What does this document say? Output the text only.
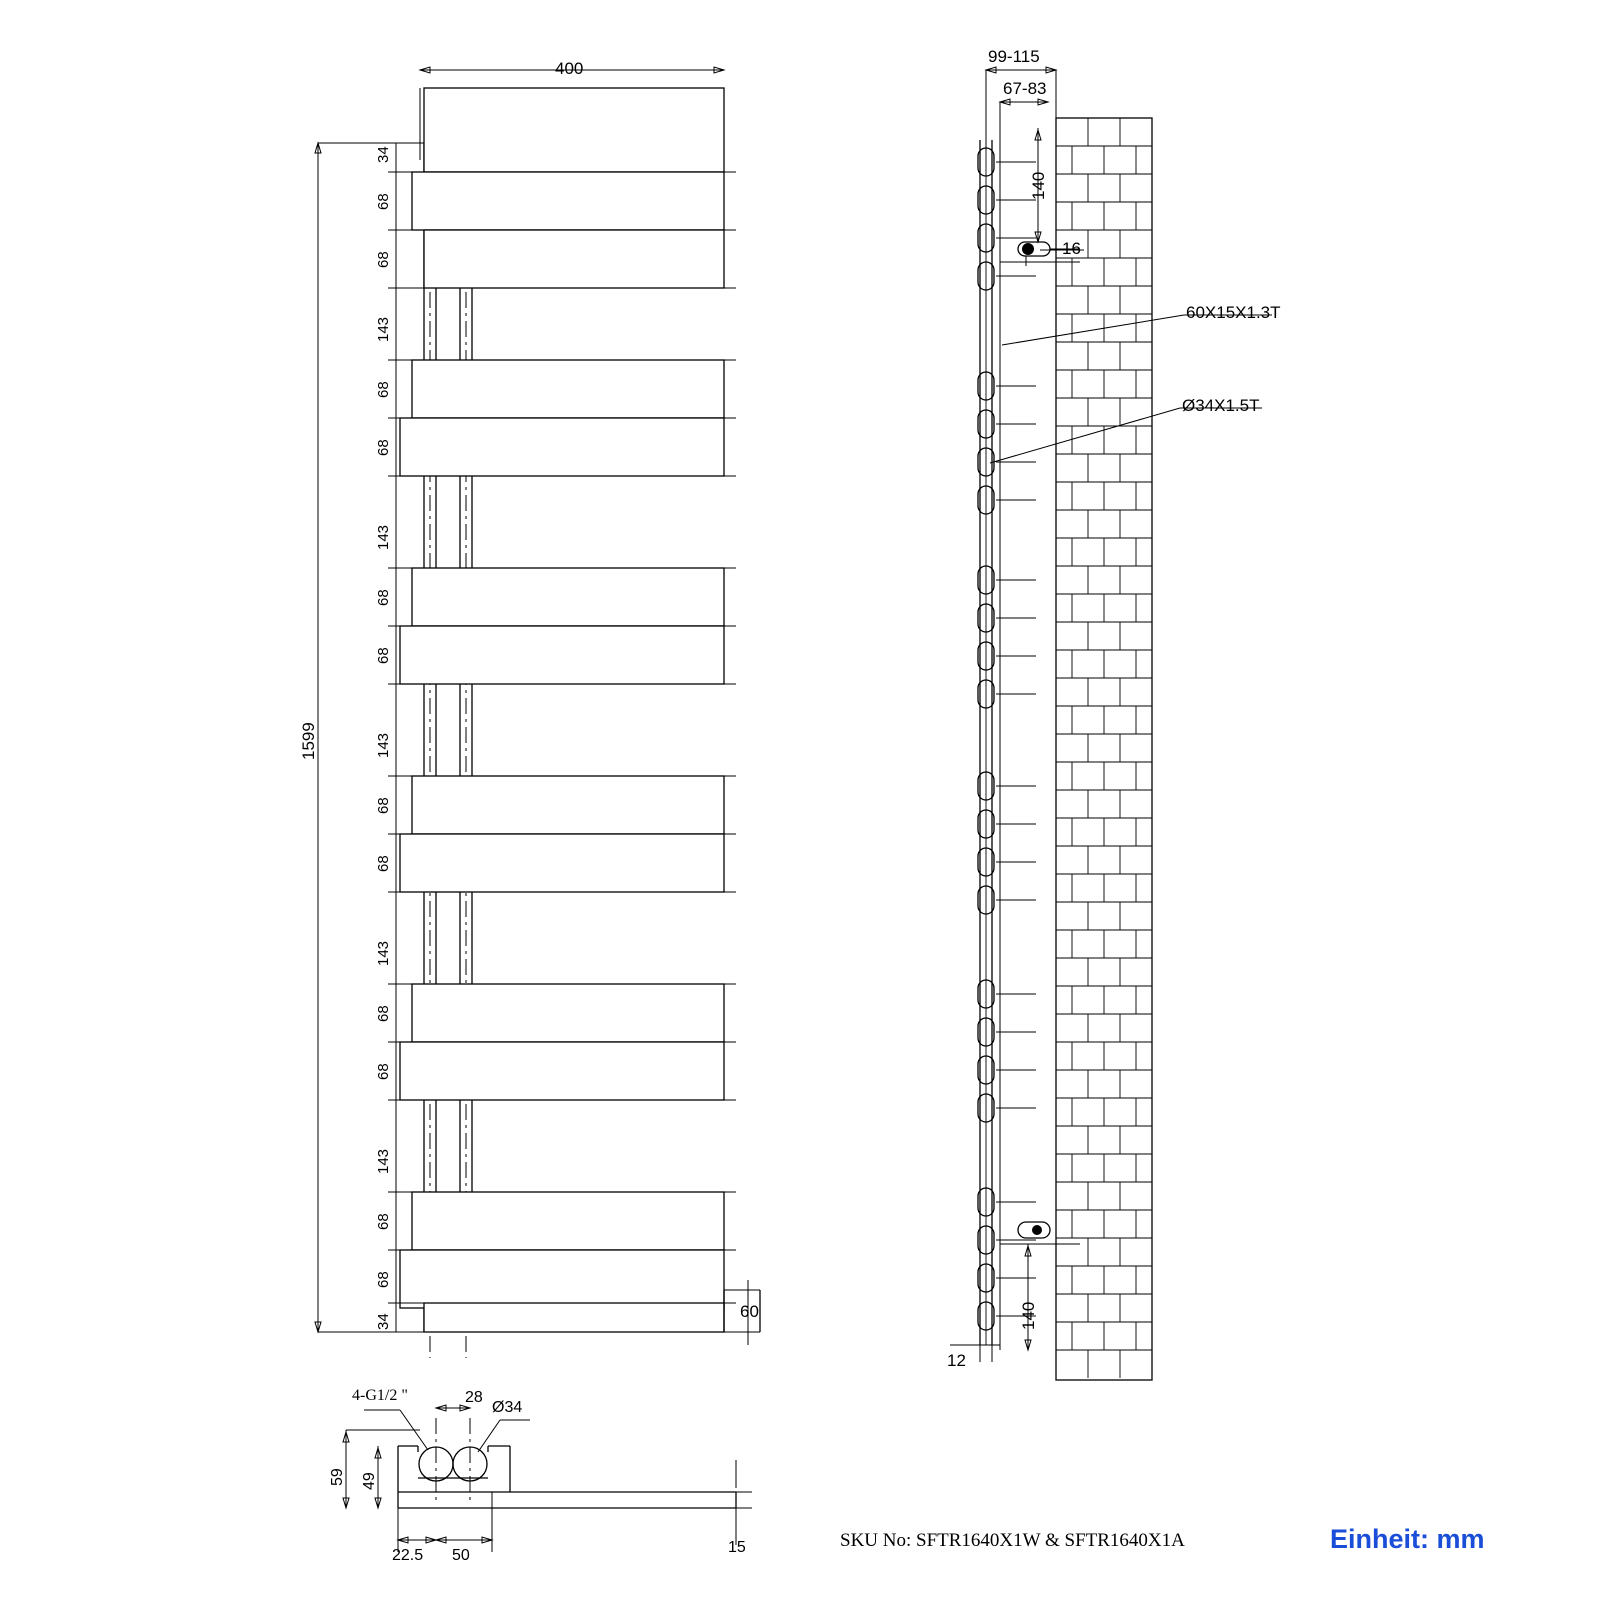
400
1599
60
34
68
68
143
68
68
143
68
68
143
68
68
143
68
68
143
68
68
34
99-115
67-83
140
140
16
12
60X15X1.3T
Ø34X1.5T
4-G1/2 "	28
Ø34
59 49
22.5 50	15	SKU No: SFTR1640X1W & SFTR1640X1A	Einheit: mm
